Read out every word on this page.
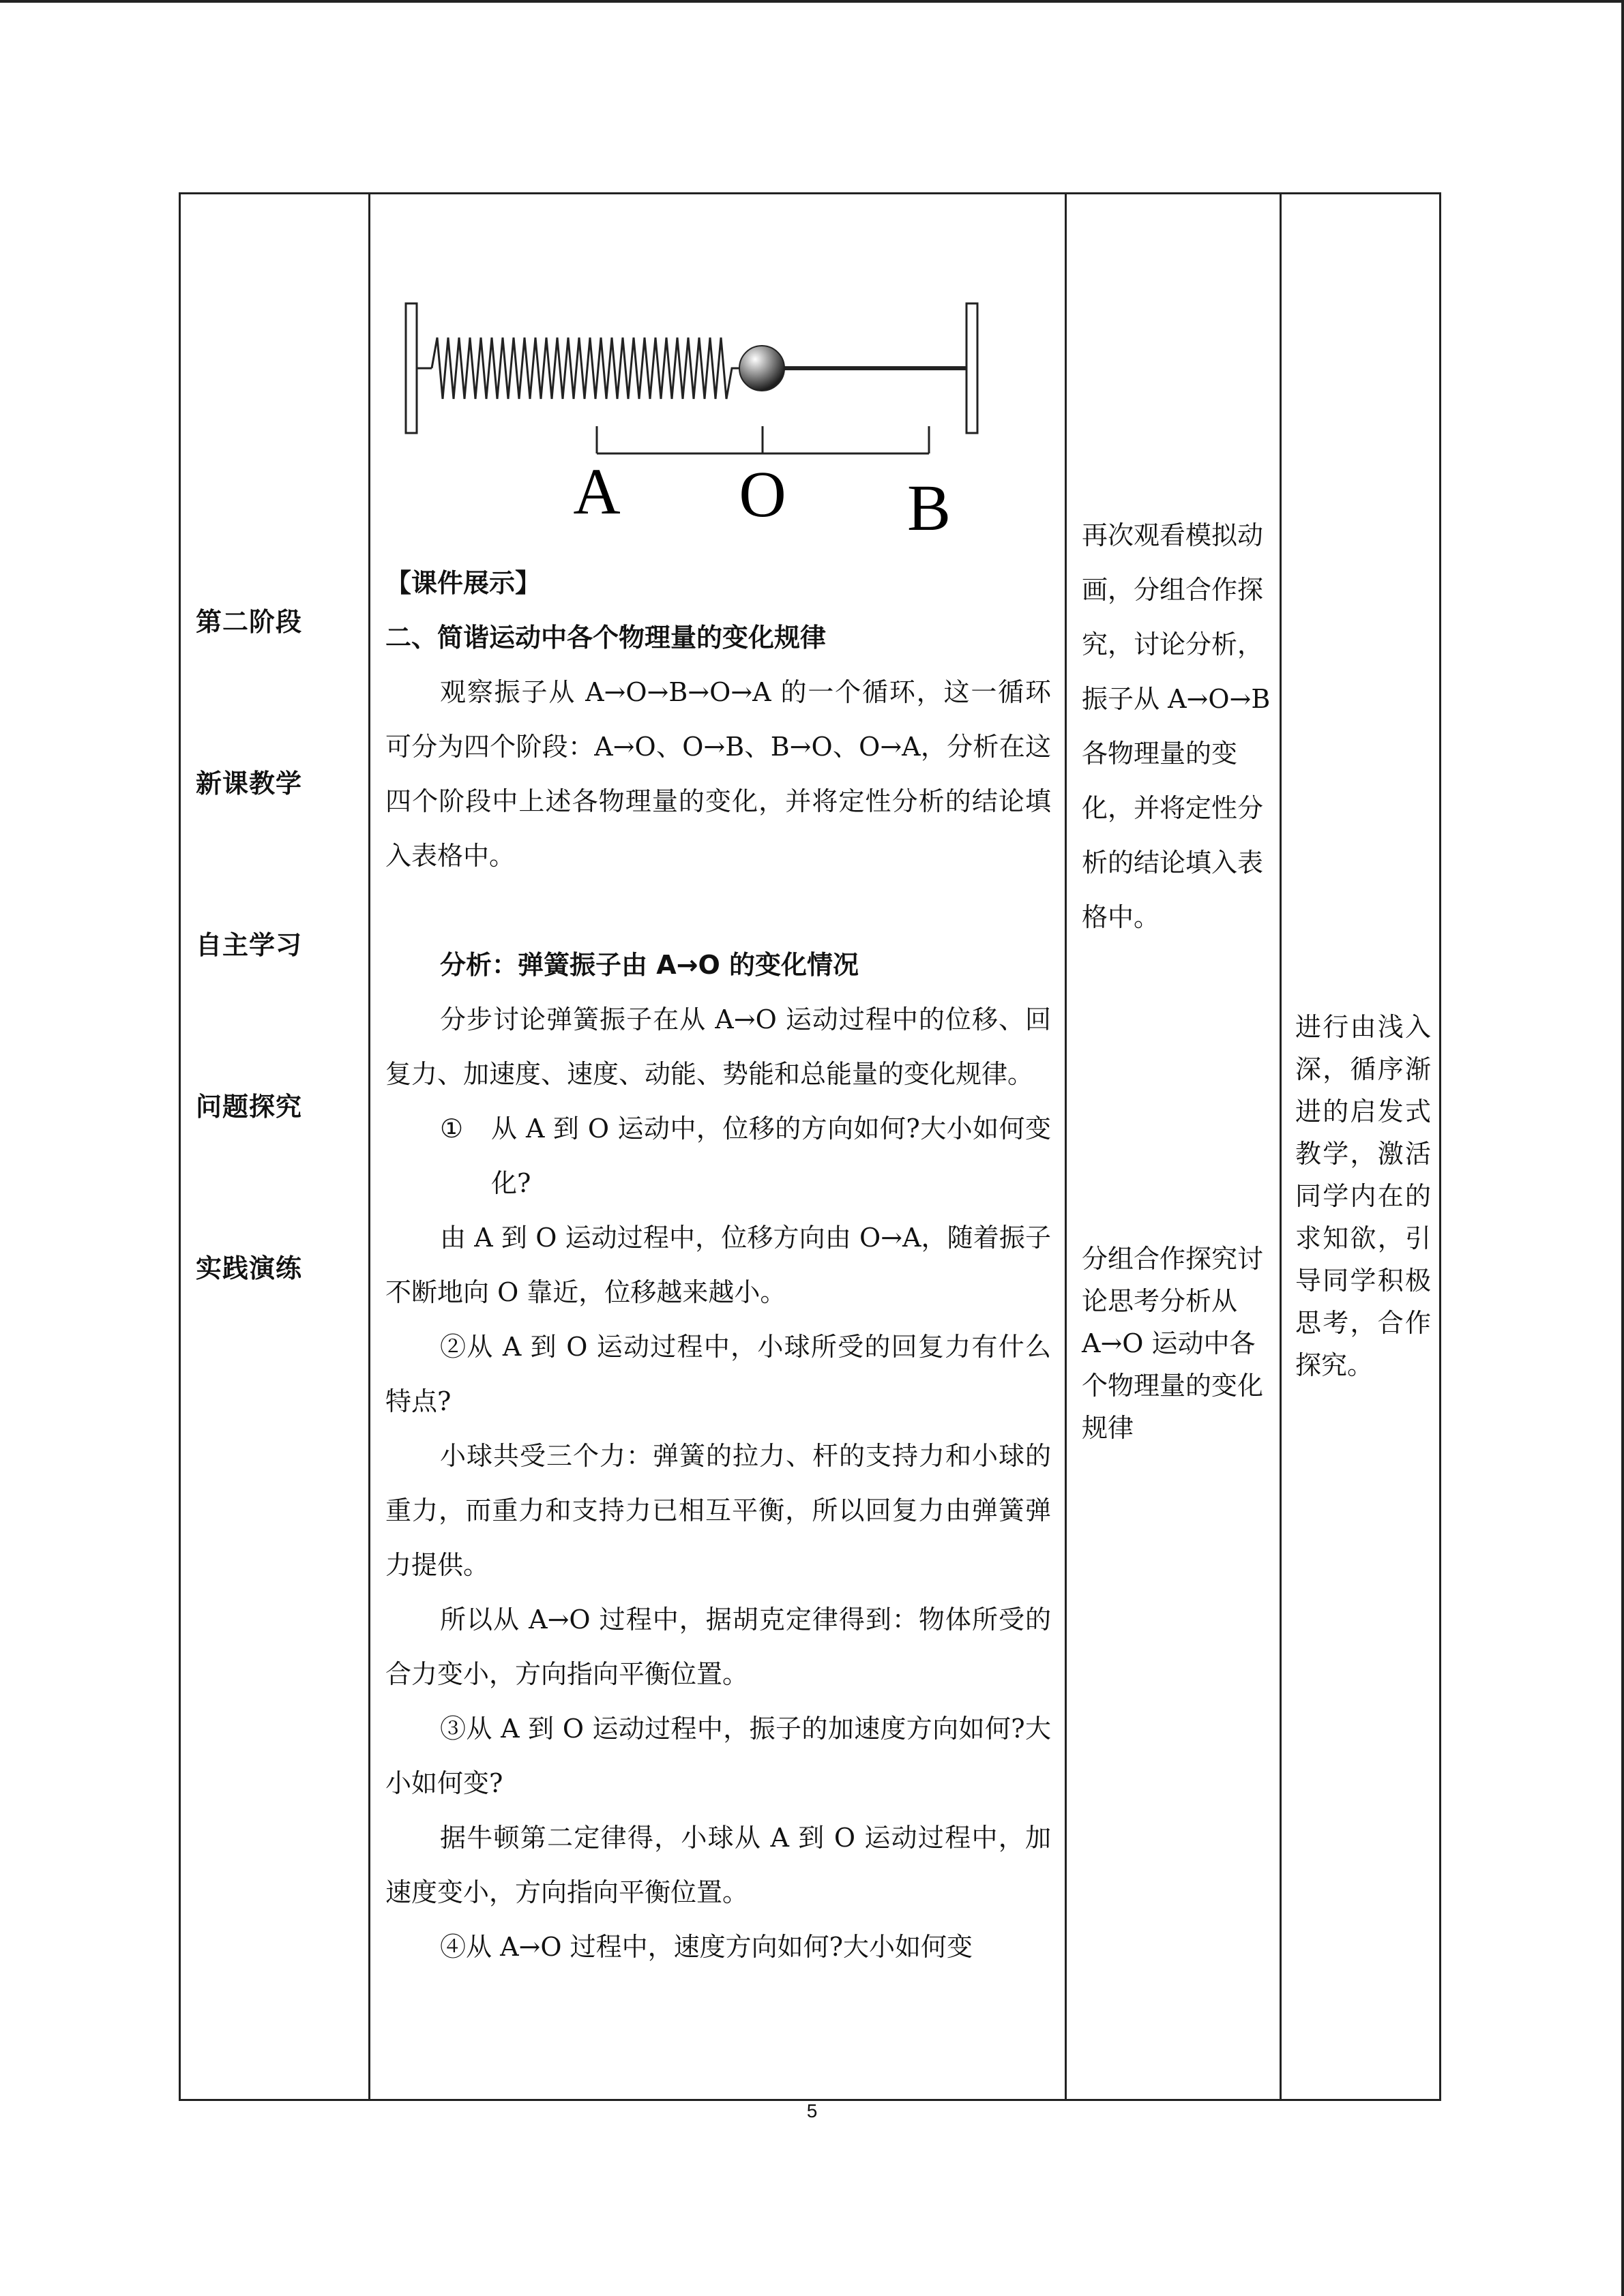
第二阶段
新课教学
自主学习
问题探究
实践演练

A O B

【课件展示】

二、简谐运动中各个物理量的变化规律

观察振子从 A→O→B→O→A 的一个循环，这一循环可分为四个阶段：A→O、O→B、B→O、O→A，分析在这四个阶段中上述各物理量的变化，并将定性分析的结论填入表格中。

分析：弹簧振子由 A→O 的变化情况

分步讨论弹簧振子在从 A→O 运动过程中的位移、回复力、加速度、速度、动能、势能和总能量的变化规律。

① 从 A 到 O 运动中，位移的方向如何?大小如何变化?

由 A 到 O 运动过程中，位移方向由 O→A，随着振子不断地向 O 靠近，位移越来越小。

②从 A 到 O 运动过程中，小球所受的回复力有什么特点?

小球共受三个力：弹簧的拉力、杆的支持力和小球的重力，而重力和支持力已相互平衡，所以回复力由弹簧弹力提供。

所以从 A→O 过程中，据胡克定律得到：物体所受的合力变小，方向指向平衡位置。

③从 A 到 O 运动过程中，振子的加速度方向如何?大小如何变?

据牛顿第二定律得，小球从 A 到 O 运动过程中，加速度变小，方向指向平衡位置。

④从 A→O 过程中，速度方向如何?大小如何变

再次观看模拟动画，分组合作探究，讨论分析，振子从 A→O→B 各物理量的变化，并将定性分析的结论填入表格中。

分组合作探究讨论思考分析从 A→O 运动中各个物理量的变化规律

进行由浅入深，循序渐进的启发式教学，激活同学内在的求知欲，引导同学积极思考，合作探究。

5
